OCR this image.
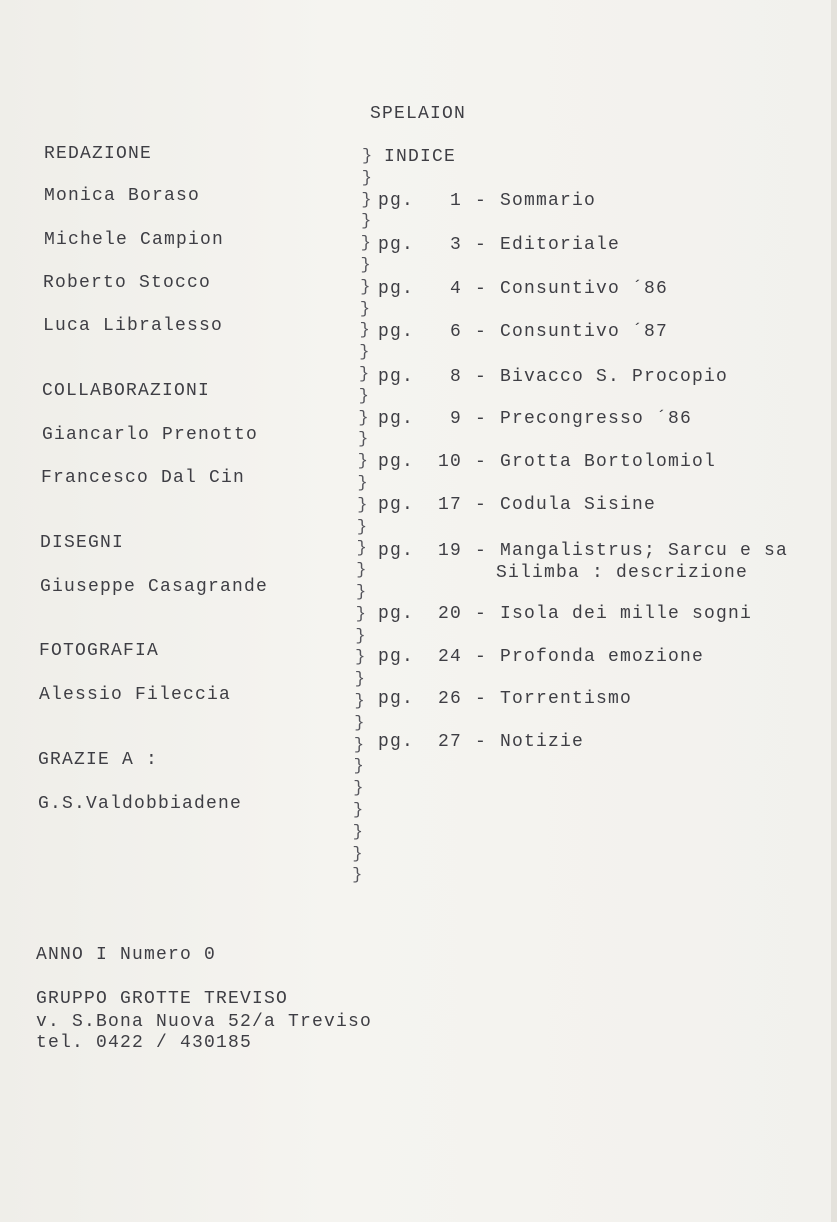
SPELAION
REDAZIONE
Monica Boraso
Michele Campion
Roberto Stocco
Luca Libralesso
COLLABORAZIONI
Giancarlo Prenotto
Francesco Dal Cin
DISEGNI
Giuseppe Casagrande
FOTOGRAFIA
Alessio Fileccia
GRAZIE A :
G.S.Valdobbiadene
}
}
}
}
}
}
}
}
}
}
}
}
}
}
}
}
}
}
}
}
}
}
}
}
}
}
}
}
}
}
}
}
}
}
INDICE
pg. 1 - Sommario
pg. 3 - Editoriale
pg. 4 - Consuntivo ´86
pg. 6 - Consuntivo ´87
pg. 8 - Bivacco S. Procopio
pg. 9 - Precongresso ´86
pg. 10 - Grotta Bortolomiol
pg. 17 - Codula Sisine
pg. 19 - Mangalistrus; Sarcu e sa
Silimba : descrizione
pg. 20 - Isola dei mille sogni
pg. 24 - Profonda emozione
pg. 26 - Torrentismo
pg. 27 - Notizie
ANNO I Numero 0
GRUPPO GROTTE TREVISO
v. S.Bona Nuova 52/a Treviso
tel. 0422 / 430185
